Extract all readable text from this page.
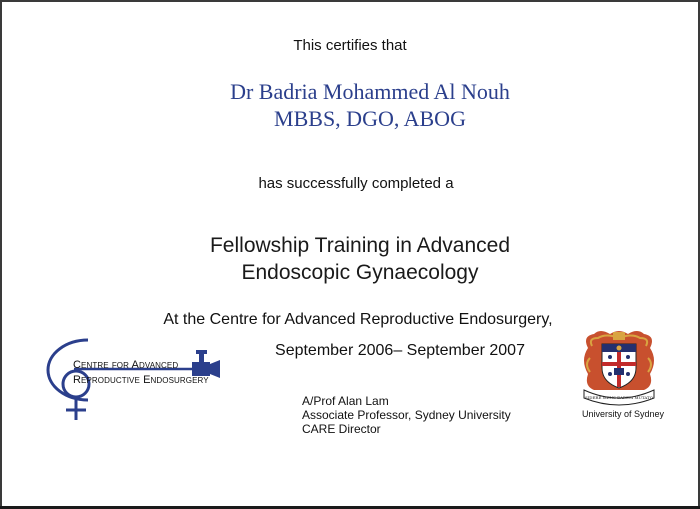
This certifies that
Dr Badria Mohammed Al Nouh
MBBS, DGO, ABOG
has successfully completed a
Fellowship Training in Advanced
Endoscopic Gynaecology
At the Centre for Advanced Reproductive Endosurgery,
September 2006– September 2007
Centre for Advanced
Reproductive Endosurgery
A/Prof Alan Lam
Associate Professor, Sydney University
CARE Director
SIDERE MENS EADEM MUTATO
University of Sydney
